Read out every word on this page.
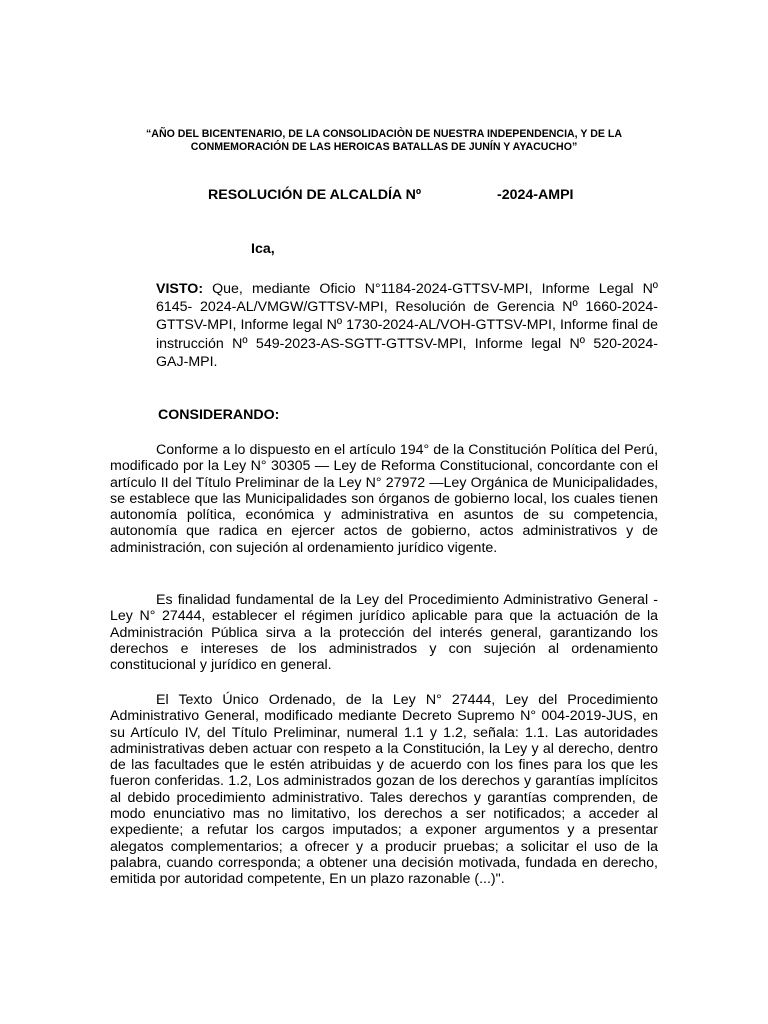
“AÑO DEL BICENTENARIO, DE LA CONSOLIDACIÒN DE NUESTRA INDEPENDENCIA, Y DE LA CONMEMORACIÓN DE LAS HEROICAS BATALLAS DE JUNÍN Y AYACUCHO”
RESOLUCIÓN DE ALCALDÍA Nº	-2024-AMPI
Ica,
VISTO: Que, mediante Oficio N°1184-2024-GTTSV-MPI, Informe Legal Nº 6145- 2024-AL/VMGW/GTTSV-MPI, Resolución de Gerencia Nº 1660-2024-GTTSV-MPI, Informe legal Nº 1730-2024-AL/VOH-GTTSV-MPI, Informe final de instrucción Nº 549-2023-AS-SGTT-GTTSV-MPI, Informe legal Nº 520-2024-GAJ-MPI.
CONSIDERANDO:

Conforme a lo dispuesto en el artículo 194° de la Constitución Política del Perú, modificado por la Ley N° 30305 — Ley de Reforma Constitucional, concordante con el artículo II del Título Preliminar de la Ley N° 27972 —Ley Orgánica de Municipalidades, se establece que las Municipalidades son órganos de gobierno local, los cuales tienen autonomía política, económica y administrativa en asuntos de su competencia, autonomía que radica en ejercer actos de gobierno, actos administrativos y de administración, con sujeción al ordenamiento jurídico vigente.

Es finalidad fundamental de la Ley del Procedimiento Administrativo General - Ley N° 27444, establecer el régimen jurídico aplicable para que la actuación de la Administración Pública sirva a la protección del interés general, garantizando los derechos e intereses de los administrados y con sujeción al ordenamiento constitucional y jurídico en general.

El Texto Único Ordenado, de la Ley N° 27444, Ley del Procedimiento Administrativo General, modificado mediante Decreto Supremo N° 004-2019-JUS, en su Artículo IV, del Título Preliminar, numeral 1.1 y 1.2, señala: 1.1. Las autoridades administrativas deben actuar con respeto a la Constitución, la Ley y al derecho, dentro de las facultades que le estén atribuidas y de acuerdo con los fines para los que les fueron conferidas. 1.2, Los administrados gozan de los derechos y garantías implícitos al debido procedimiento administrativo. Tales derechos y garantías comprenden, de modo enunciativo mas no limitativo, los derechos a ser notificados; a acceder al expediente; a refutar los cargos imputados; a exponer argumentos y a presentar alegatos complementarios; a ofrecer y a producir pruebas; a solicitar el uso de la palabra, cuando corresponda; a obtener una decisión motivada, fundada en derecho, emitida por autoridad competente, En un plazo razonable (...)".
